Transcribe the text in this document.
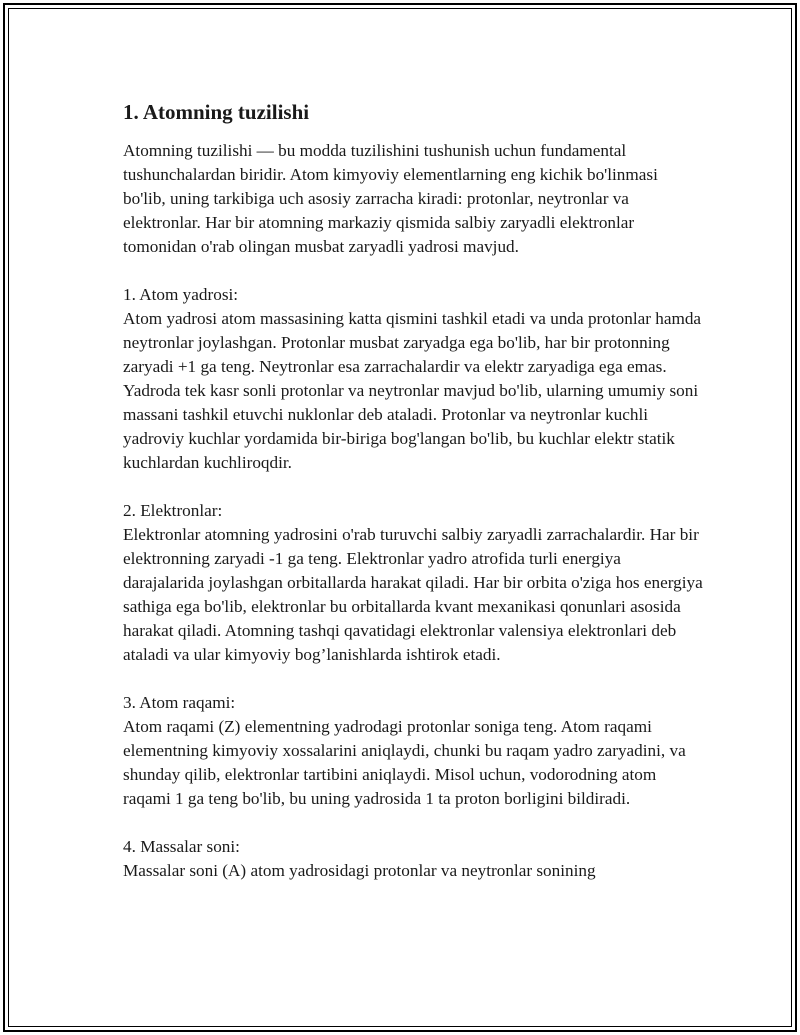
1. Atomning tuzilishi

Atomning tuzilishi — bu modda tuzilishini tushunish uchun fundamental tushunchalardan biridir. Atom kimyoviy elementlarning eng kichik bo'linmasi bo'lib, uning tarkibiga uch asosiy zarracha kiradi: protonlar, neytronlar va elektronlar. Har bir atomning markaziy qismida salbiy zaryadli elektronlar tomonidan o'rab olingan musbat zaryadli yadrosi mavjud.

1. Atom yadrosi:
Atom yadrosi atom massasining katta qismini tashkil etadi va unda protonlar hamda neytronlar joylashgan. Protonlar musbat zaryadga ega bo'lib, har bir protonning zaryadi +1 ga teng. Neytronlar esa zarrachalardir va elektr zaryadiga ega emas. Yadroda tek kasr sonli protonlar va neytronlar mavjud bo'lib, ularning umumiy soni massani tashkil etuvchi nuklonlar deb ataladi. Protonlar va neytronlar kuchli yadroviy kuchlar yordamida bir-biriga bog'langan bo'lib, bu kuchlar elektr statik kuchlardan kuchliroqdir.

2. Elektronlar:
Elektronlar atomning yadrosini o'rab turuvchi salbiy zaryadli zarrachalardir. Har bir elektronning zaryadi -1 ga teng. Elektronlar yadro atrofida turli energiya darajalarida joylashgan orbitallarda harakat qiladi. Har bir orbita o'ziga hos energiya sathiga ega bo'lib, elektronlar bu orbitallarda kvant mexanikasi qonunlari asosida harakat qiladi. Atomning tashqi qavatidagi elektronlar valensiya elektronlari deb ataladi va ular kimyoviy bog’lanishlarda ishtirok etadi.

3. Atom raqami:
Atom raqami (Z) elementning yadrodagi protonlar soniga teng. Atom raqami elementning kimyoviy xossalarini aniqlaydi, chunki bu raqam yadro zaryadini, va shunday qilib, elektronlar tartibini aniqlaydi. Misol uchun, vodorodning atom raqami 1 ga teng bo'lib, bu uning yadrosida 1 ta proton borligini bildiradi.

4. Massalar soni:
Massalar soni (A) atom yadrosidagi protonlar va neytronlar sonining
